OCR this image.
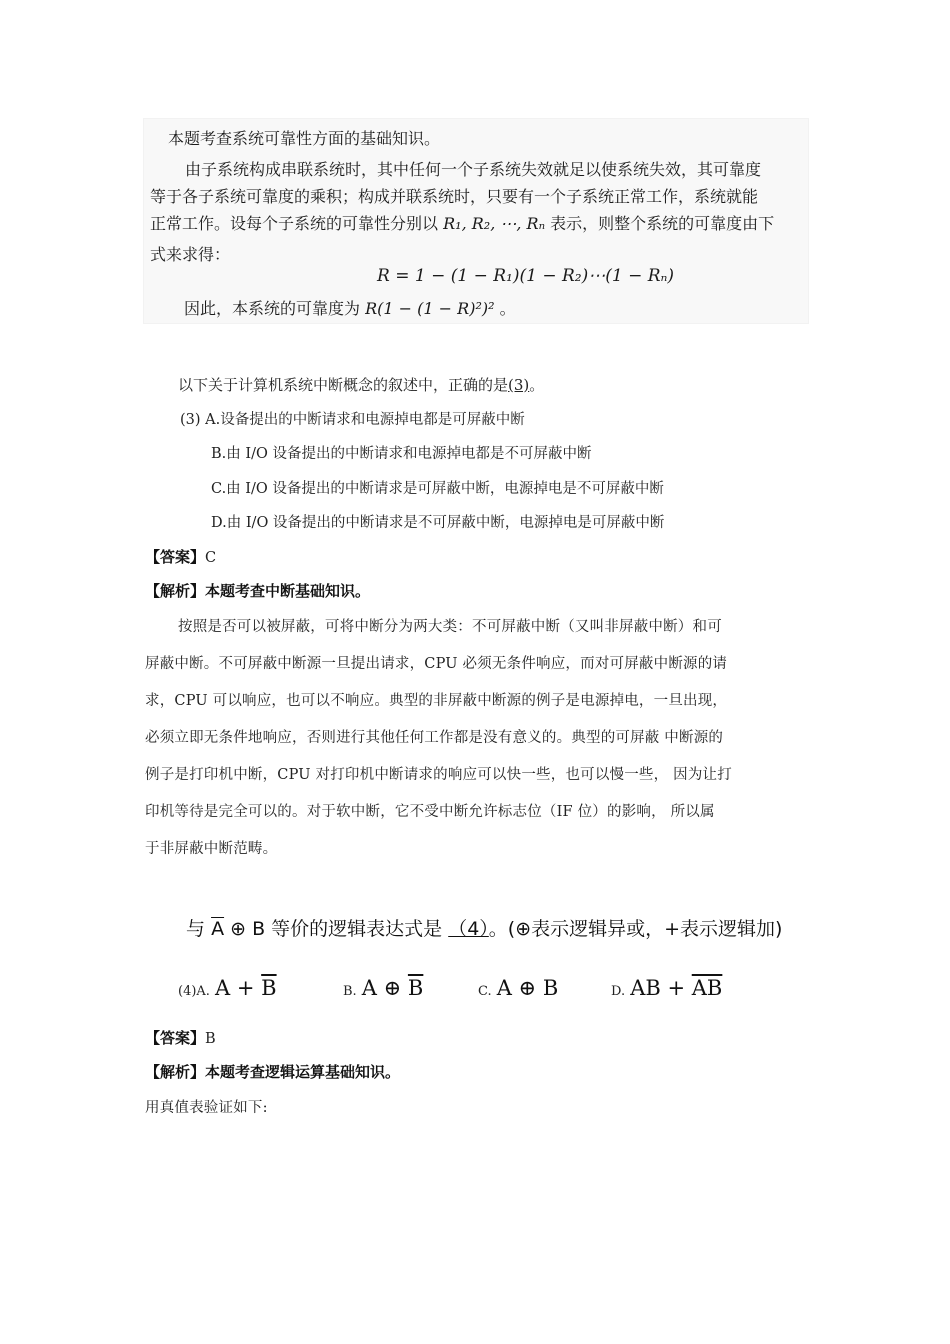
本题考查系统可靠性方面的基础知识。
由子系统构成串联系统时，其中任何一个子系统失效就足以使系统失效，其可靠度
等于各子系统可靠度的乘积；构成并联系统时，只要有一个子系统正常工作，系统就能
正常工作。设每个子系统的可靠性分别以 R₁, R₂, ⋯, Rₙ 表示，则整个系统的可靠度由下
式来求得：
R = 1 − (1 − R₁)(1 − R₂)⋯(1 − Rₙ)
因此，本系统的可靠度为 R(1 − (1 − R)²)² 。
以下关于计算机系统中断概念的叙述中，正确的是(3)。
(3) A.设备提出的中断请求和电源掉电都是可屏蔽中断
B.由 I/O 设备提出的中断请求和电源掉电都是不可屏蔽中断
C.由 I/O 设备提出的中断请求是可屏蔽中断，电源掉电是不可屏蔽中断
D.由 I/O 设备提出的中断请求是不可屏蔽中断，电源掉电是可屏蔽中断
【答案】C
【解析】本题考查中断基础知识。
按照是否可以被屏蔽，可将中断分为两大类：不可屏蔽中断（又叫非屏蔽中断）和可
屏蔽中断。不可屏蔽中断源一旦提出请求，CPU 必须无条件响应，而对可屏蔽中断源的请
求，CPU 可以响应，也可以不响应。典型的非屏蔽中断源的例子是电源掉电，一旦出现，
必须立即无条件地响应，否则进行其他任何工作都是没有意义的。典型的可屏蔽 中断源的
例子是打印机中断，CPU 对打印机中断请求的响应可以快一些，也可以慢一些， 因为让打
印机等待是完全可以的。对于软中断，它不受中断允许标志位（IF 位）的影响， 所以属
于非屏蔽中断范畴。
与 $\overline{A}$ ⊕ B 等价的逻辑表达式是 （4）。(⊕表示逻辑异或，+表示逻辑加)
(4)A. $A + \overline{B}$	B. A ⊕ $\overline{B}$	C. A ⊕ B	D. AB + $\overline{AB}$
【答案】B
【解析】本题考查逻辑运算基础知识。
用真值表验证如下:
